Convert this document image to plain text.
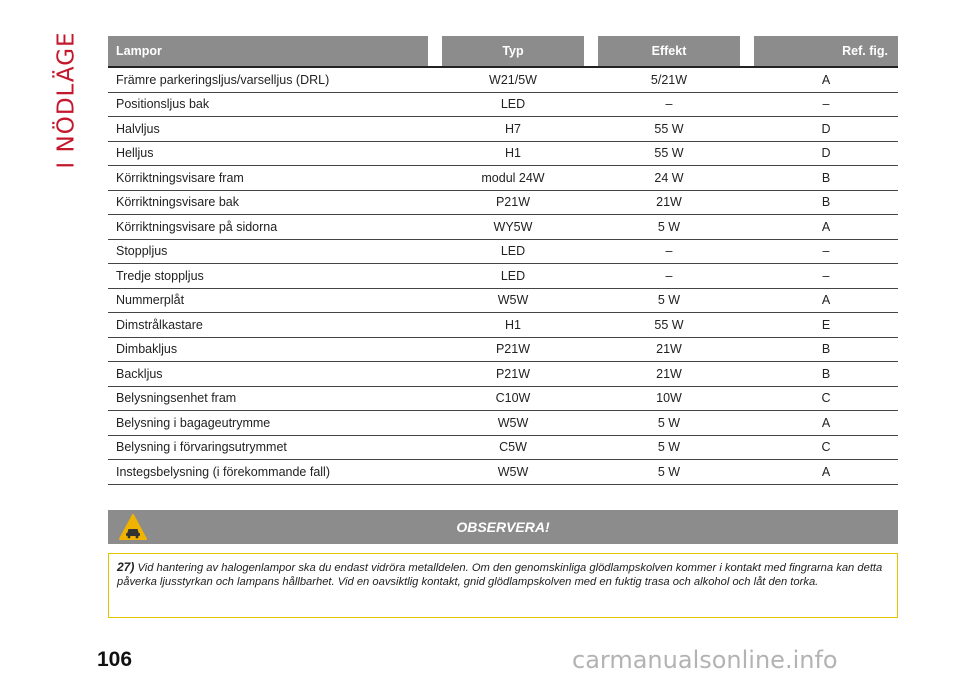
I NÖDLÄGE	Lampor		Typ		Effekt		Ref. fig.
Främre parkeringsljus/varselljus (DRL)		W21/5W		5/21W		A
Positionsljus bak		LED		–		–
Halvljus		H7		55 W		D
Helljus		H1		55 W		D
Körriktningsvisare fram		modul 24W		24 W		B
Körriktningsvisare bak		P21W		21W		B
Körriktningsvisare på sidorna		WY5W		5 W		A
Stoppljus		LED		–		–
Tredje stoppljus		LED		–		–
Nummerplåt		W5W		5 W		A
Dimstrålkastare		H1		55 W		E
Dimbakljus		P21W		21W		B
Backljus		P21W		21W		B
Belysningsenhet fram		C10W		10W		C
Belysning i bagageutrymme		W5W		5 W		A
Belysning i förvaringsutrymmet		C5W		5 W		C
Instegsbelysning (i förekommande fall)		W5W		5 W		A
OBSERVERA!
27) Vid hantering av halogenlampor ska du endast vidröra metalldelen. Om den genomskinliga glödlampskolven kommer i kontakt med fingrarna kan detta påverka ljusstyrkan och lampans hållbarhet. Vid en oavsiktlig kontakt, gnid glödlampskolven med en fuktig trasa och alkohol och låt den torka.
106	carmanualsonline.info
